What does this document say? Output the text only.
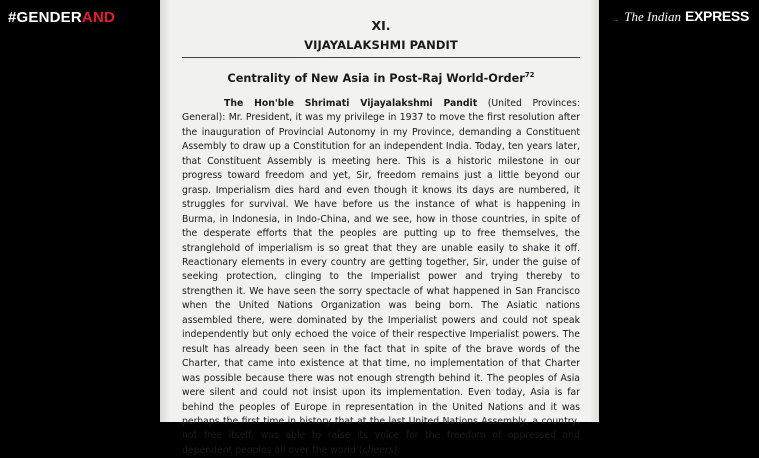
#GENDERAND	... The Indian EXPRESS
XI.
VIJAYALAKSHMI PANDIT
Centrality of New Asia in Post-Raj World-Order$^{72}$

The Hon'ble Shrimati Vijayalakshmi Pandit (United Provinces: General): Mr. President, it was my privilege in 1937 to move the first resolution after the inauguration of Provincial Autonomy in my Province, demanding a Constituent Assembly to draw up a Constitution for an independent India. Today, ten years later, that Constituent Assembly is meeting here. This is a historic milestone in our progress toward freedom and yet, Sir, freedom remains just a little beyond our grasp. Imperialism dies hard and even though it knows its days are numbered, it struggles for survival. We have before us the instance of what is happening in Burma, in Indonesia, in Indo-China, and we see, how in those countries, in spite of the desperate efforts that the peoples are putting up to free themselves, the stranglehold of imperialism is so great that they are unable easily to shake it off. Reactionary elements in every country are getting together, Sir, under the guise of seeking protection, clinging to the Imperialist power and trying thereby to strengthen it. We have seen the sorry spectacle of what happened in San Francisco when the United Nations Organization was being born. The Asiatic nations assembled there, were dominated by the Imperialist powers and could not speak independently but only echoed the voice of their respective Imperialist powers. The result has already been seen in the fact that in spite of the brave words of the Charter, that came into existence at that time, no implementation of that Charter was possible because there was not enough strength behind it. The peoples of Asia were silent and could not insist upon its implementation. Even today, Asia is far behind the peoples of Europe in representation in the United Nations and it was perhaps the first time in history that at the last United Nations Assembly, a country, not free itself, was able to raise its voice for the freedom of oppressed and dependent peoples all over the world (cheers).
